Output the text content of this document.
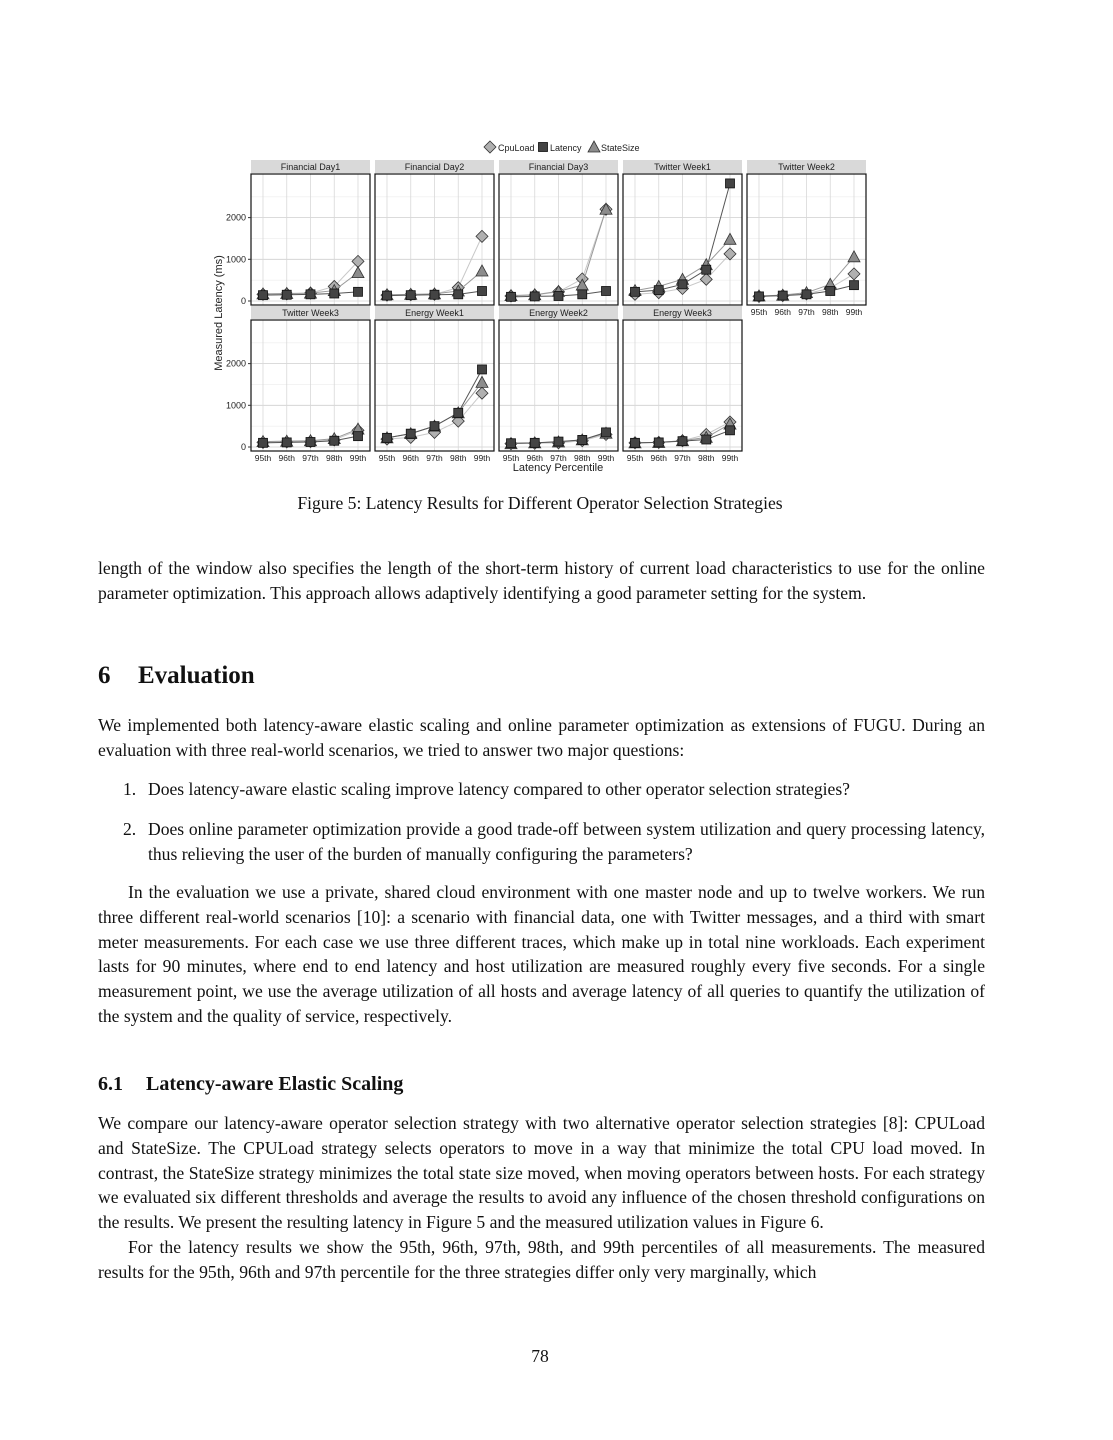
CpuLoad Latency StateSize
Financial Day1
0
1000
2000
Financial Day2	Financial Day3	Twitter Week1	Twitter Week2
95th 96th 97th 98th 99th
Twitter Week3
0
1000
2000
95th 96th 97th 98th 99th
Energy Week1
95th 96th 97th 98th 99th
Energy Week2
95th 96th 97th 98th 99th
Energy Week3
95th 96th 97th 98th 99th
Latency Percentile
Measured Latency (ms)
Figure 5: Latency Results for Different Operator Selection Strategies

length of the window also specifies the length of the short-term history of current load characteristics to use for the online parameter optimization. This approach allows adaptively identifying a good parameter setting for the system.

6 Evaluation

We implemented both latency-aware elastic scaling and online parameter optimization as extensions of FUGU. During an evaluation with three real-world scenarios, we tried to answer two major questions:

1. Does latency-aware elastic scaling improve latency compared to other operator selection strategies?
2. Does online parameter optimization provide a good trade-off between system utilization and query processing latency, thus relieving the user of the burden of manually configuring the parameters?

In the evaluation we use a private, shared cloud environment with one master node and up to twelve workers. We run three different real-world scenarios [10]: a scenario with financial data, one with Twitter messages, and a third with smart meter measurements. For each case we use three different traces, which make up in total nine workloads. Each experiment lasts for 90 minutes, where end to end latency and host utilization are measured roughly every five seconds. For a single measurement point, we use the average utilization of all hosts and average latency of all queries to quantify the utilization of the system and the quality of service, respectively.

6.1 Latency-aware Elastic Scaling

We compare our latency-aware operator selection strategy with two alternative operator selection strategies [8]: CPULoad and StateSize. The CPULoad strategy selects operators to move in a way that minimize the total CPU load moved. In contrast, the StateSize strategy minimizes the total state size moved, when moving operators between hosts. For each strategy we evaluated six different thresholds and average the results to avoid any influence of the chosen threshold configurations on the results. We present the resulting latency in Figure 5 and the measured utilization values in Figure 6.

For the latency results we show the 95th, 96th, 97th, 98th, and 99th percentiles of all measurements. The measured results for the 95th, 96th and 97th percentile for the three strategies differ only very marginally, which

78
